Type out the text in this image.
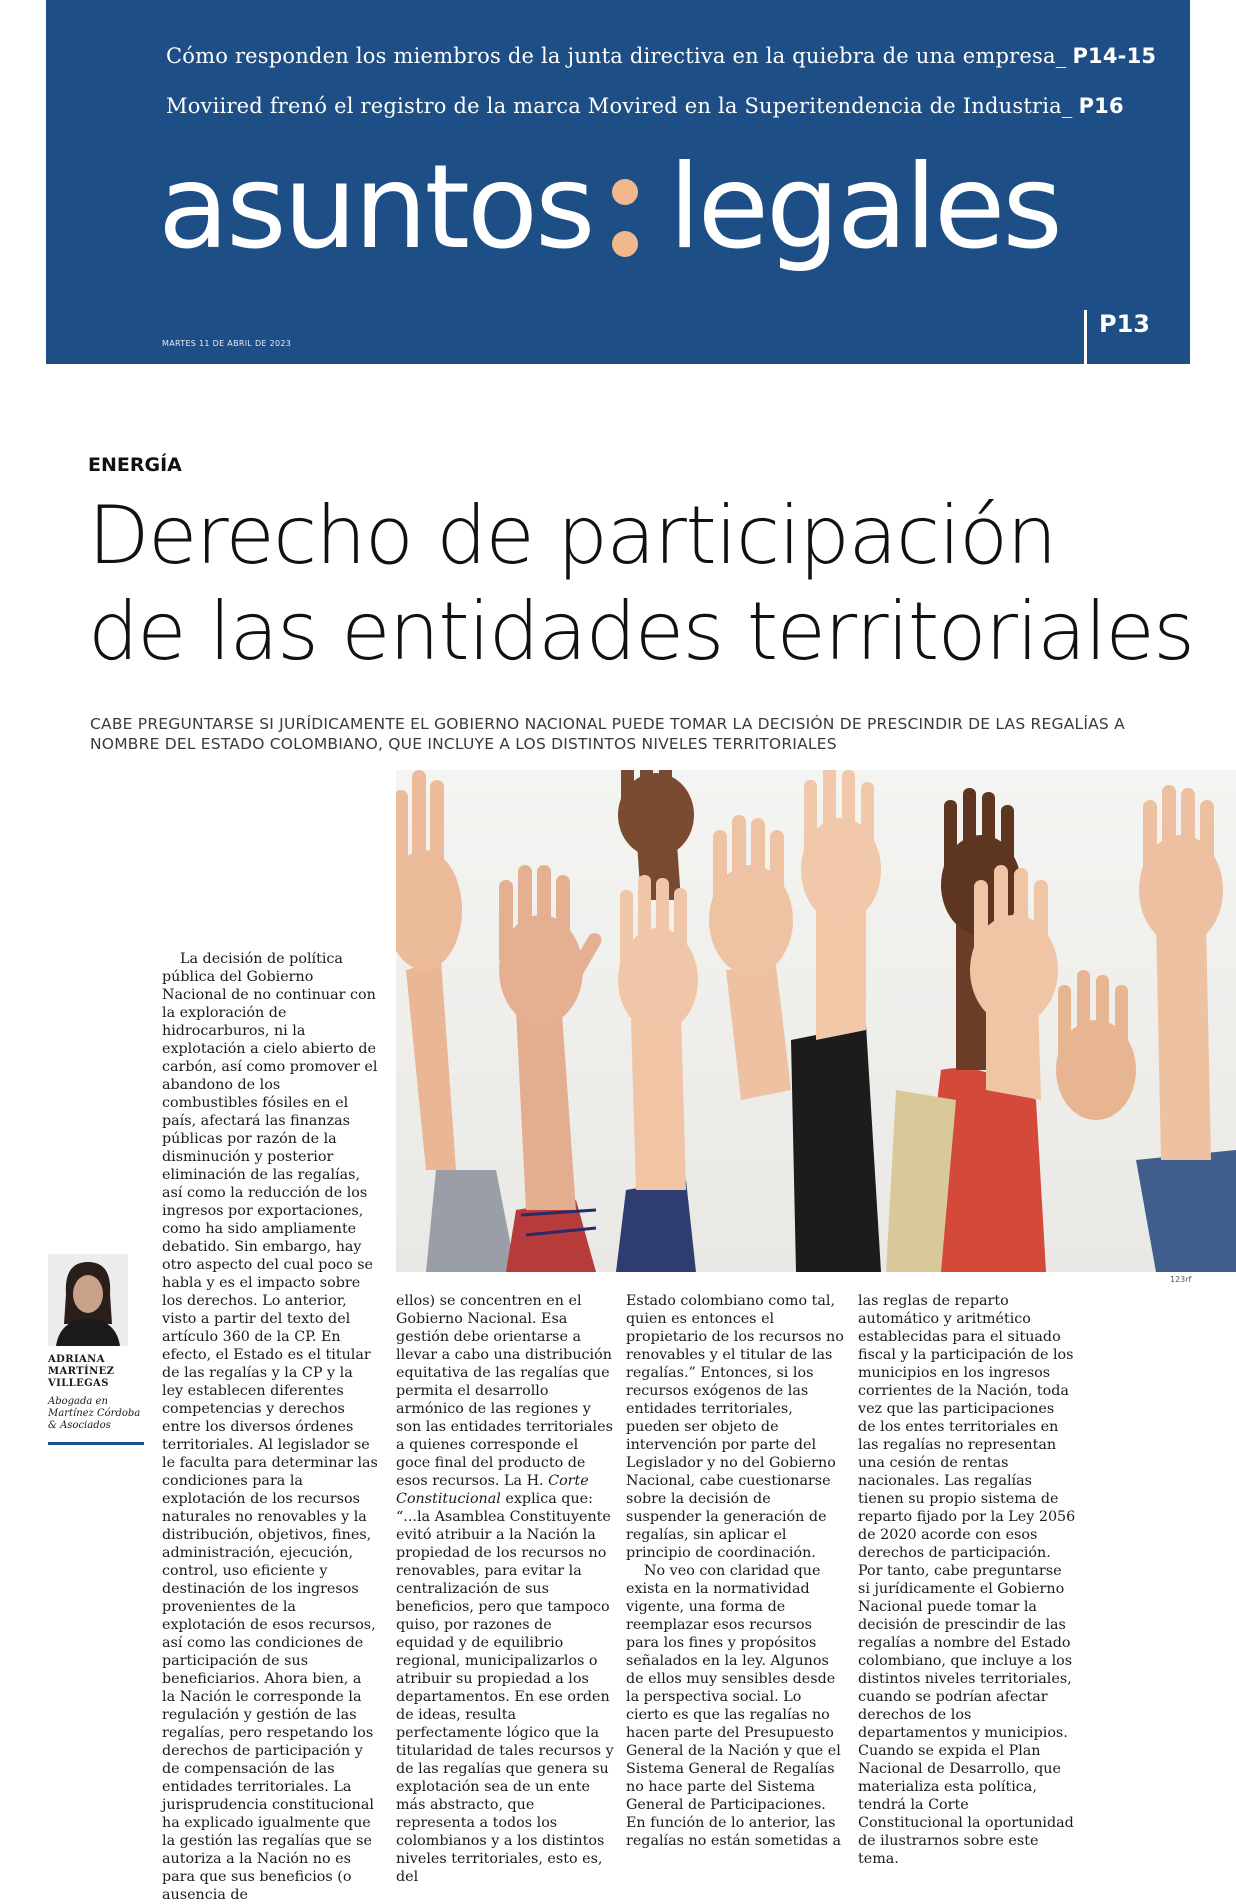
Cómo responden los miembros de la junta directiva en la quiebra de una empresa_ P14-15
Moviired frenó el registro de la marca Movired en la Superitendencia de Industria_ P16
asuntos legales
MARTES 11 DE ABRIL DE 2023
P13
ENERGÍA
Derecho de participación
de las entidades territoriales
CABE PREGUNTARSE SI JURÍDICAMENTE EL GOBIERNO NACIONAL PUEDE TOMAR LA DECISIÓN DE PRESCINDIR DE LAS REGALÍAS A NOMBRE DEL ESTADO COLOMBIANO, QUE INCLUYE A LOS DISTINTOS NIVELES TERRITORIALES
123rf
ADRIANA MARTÍNEZ VILLEGAS
Abogada en Martínez Córdoba & Asociados

La decisión de política pública del Gobierno Nacional de no continuar con la exploración de hidrocarburos, ni la explotación a cielo abierto de carbón, así como promover el abandono de los combustibles fósiles en el país, afectará las finanzas públicas por razón de la disminución y posterior eliminación de las regalías, así como la reducción de los ingresos por exportaciones, como ha sido ampliamente debatido. Sin embargo, hay otro aspecto del cual poco se habla y es el impacto sobre los derechos. Lo anterior, visto a partir del texto del artículo 360 de la CP. En efecto, el Estado es el titular de las regalías y la CP y la ley establecen diferentes competencias y derechos entre los diversos órdenes territoriales. Al legislador se le faculta para determinar las condiciones para la explotación de los recursos naturales no renovables y la distribución, objetivos, fines, administración, ejecución, control, uso eficiente y destinación de los ingresos provenientes de la explotación de esos recursos, así como las condiciones de participación de sus beneficiarios. Ahora bien, a la Nación le corresponde la regulación y gestión de las regalías, pero respetando los derechos de participación y de compensación de las entidades territoriales. La jurisprudencia constitucional ha explicado igualmente que la gestión las regalías que se autoriza a la Nación no es para que sus beneficios (o ausencia de

ellos) se concentren en el Gobierno Nacional. Esa gestión debe orientarse a llevar a cabo una distribución equitativa de las regalías que permita el desarrollo armónico de las regiones y son las entidades territoriales a quienes corresponde el goce final del producto de esos recursos. La H. Corte Constitucional explica que: “...la Asamblea Constituyente evitó atribuir a la Nación la propiedad de los recursos no renovables, para evitar la centralización de sus beneficios, pero que tampoco quiso, por razones de equidad y de equilibrio regional, municipalizarlos o atribuir su propiedad a los departamentos. En ese orden de ideas, resulta perfectamente lógico que la titularidad de tales recursos y de las regalías que genera su explotación sea de un ente más abstracto, que representa a todos los colombianos y a los distintos niveles territoriales, esto es, del

Estado colombiano como tal, quien es entonces el propietario de los recursos no renovables y el titular de las regalías.” Entonces, si los recursos exógenos de las entidades territoriales, pueden ser objeto de intervención por parte del Legislador y no del Gobierno Nacional, cabe cuestionarse sobre la decisión de suspender la generación de regalías, sin aplicar el principio de coordinación.

No veo con claridad que exista en la normatividad vigente, una forma de reemplazar esos recursos para los fines y propósitos señalados en la ley. Algunos de ellos muy sensibles desde la perspectiva social. Lo cierto es que las regalías no hacen parte del Presupuesto General de la Nación y que el Sistema General de Regalías no hace parte del Sistema General de Participaciones. En función de lo anterior, las regalías no están sometidas a

las reglas de reparto automático y aritmético establecidas para el situado fiscal y la participación de los municipios en los ingresos corrientes de la Nación, toda vez que las participaciones de los entes territoriales en las regalías no representan una cesión de rentas nacionales. Las regalías tienen su propio sistema de reparto fijado por la Ley 2056 de 2020 acorde con esos derechos de participación. Por tanto, cabe preguntarse si jurídicamente el Gobierno Nacional puede tomar la decisión de prescindir de las regalías a nombre del Estado colombiano, que incluye a los distintos niveles territoriales, cuando se podrían afectar derechos de los departamentos y municipios. Cuando se expida el Plan Nacional de Desarrollo, que materializa esta política, tendrá la Corte Constitucional la oportunidad de ilustrarnos sobre este tema.
